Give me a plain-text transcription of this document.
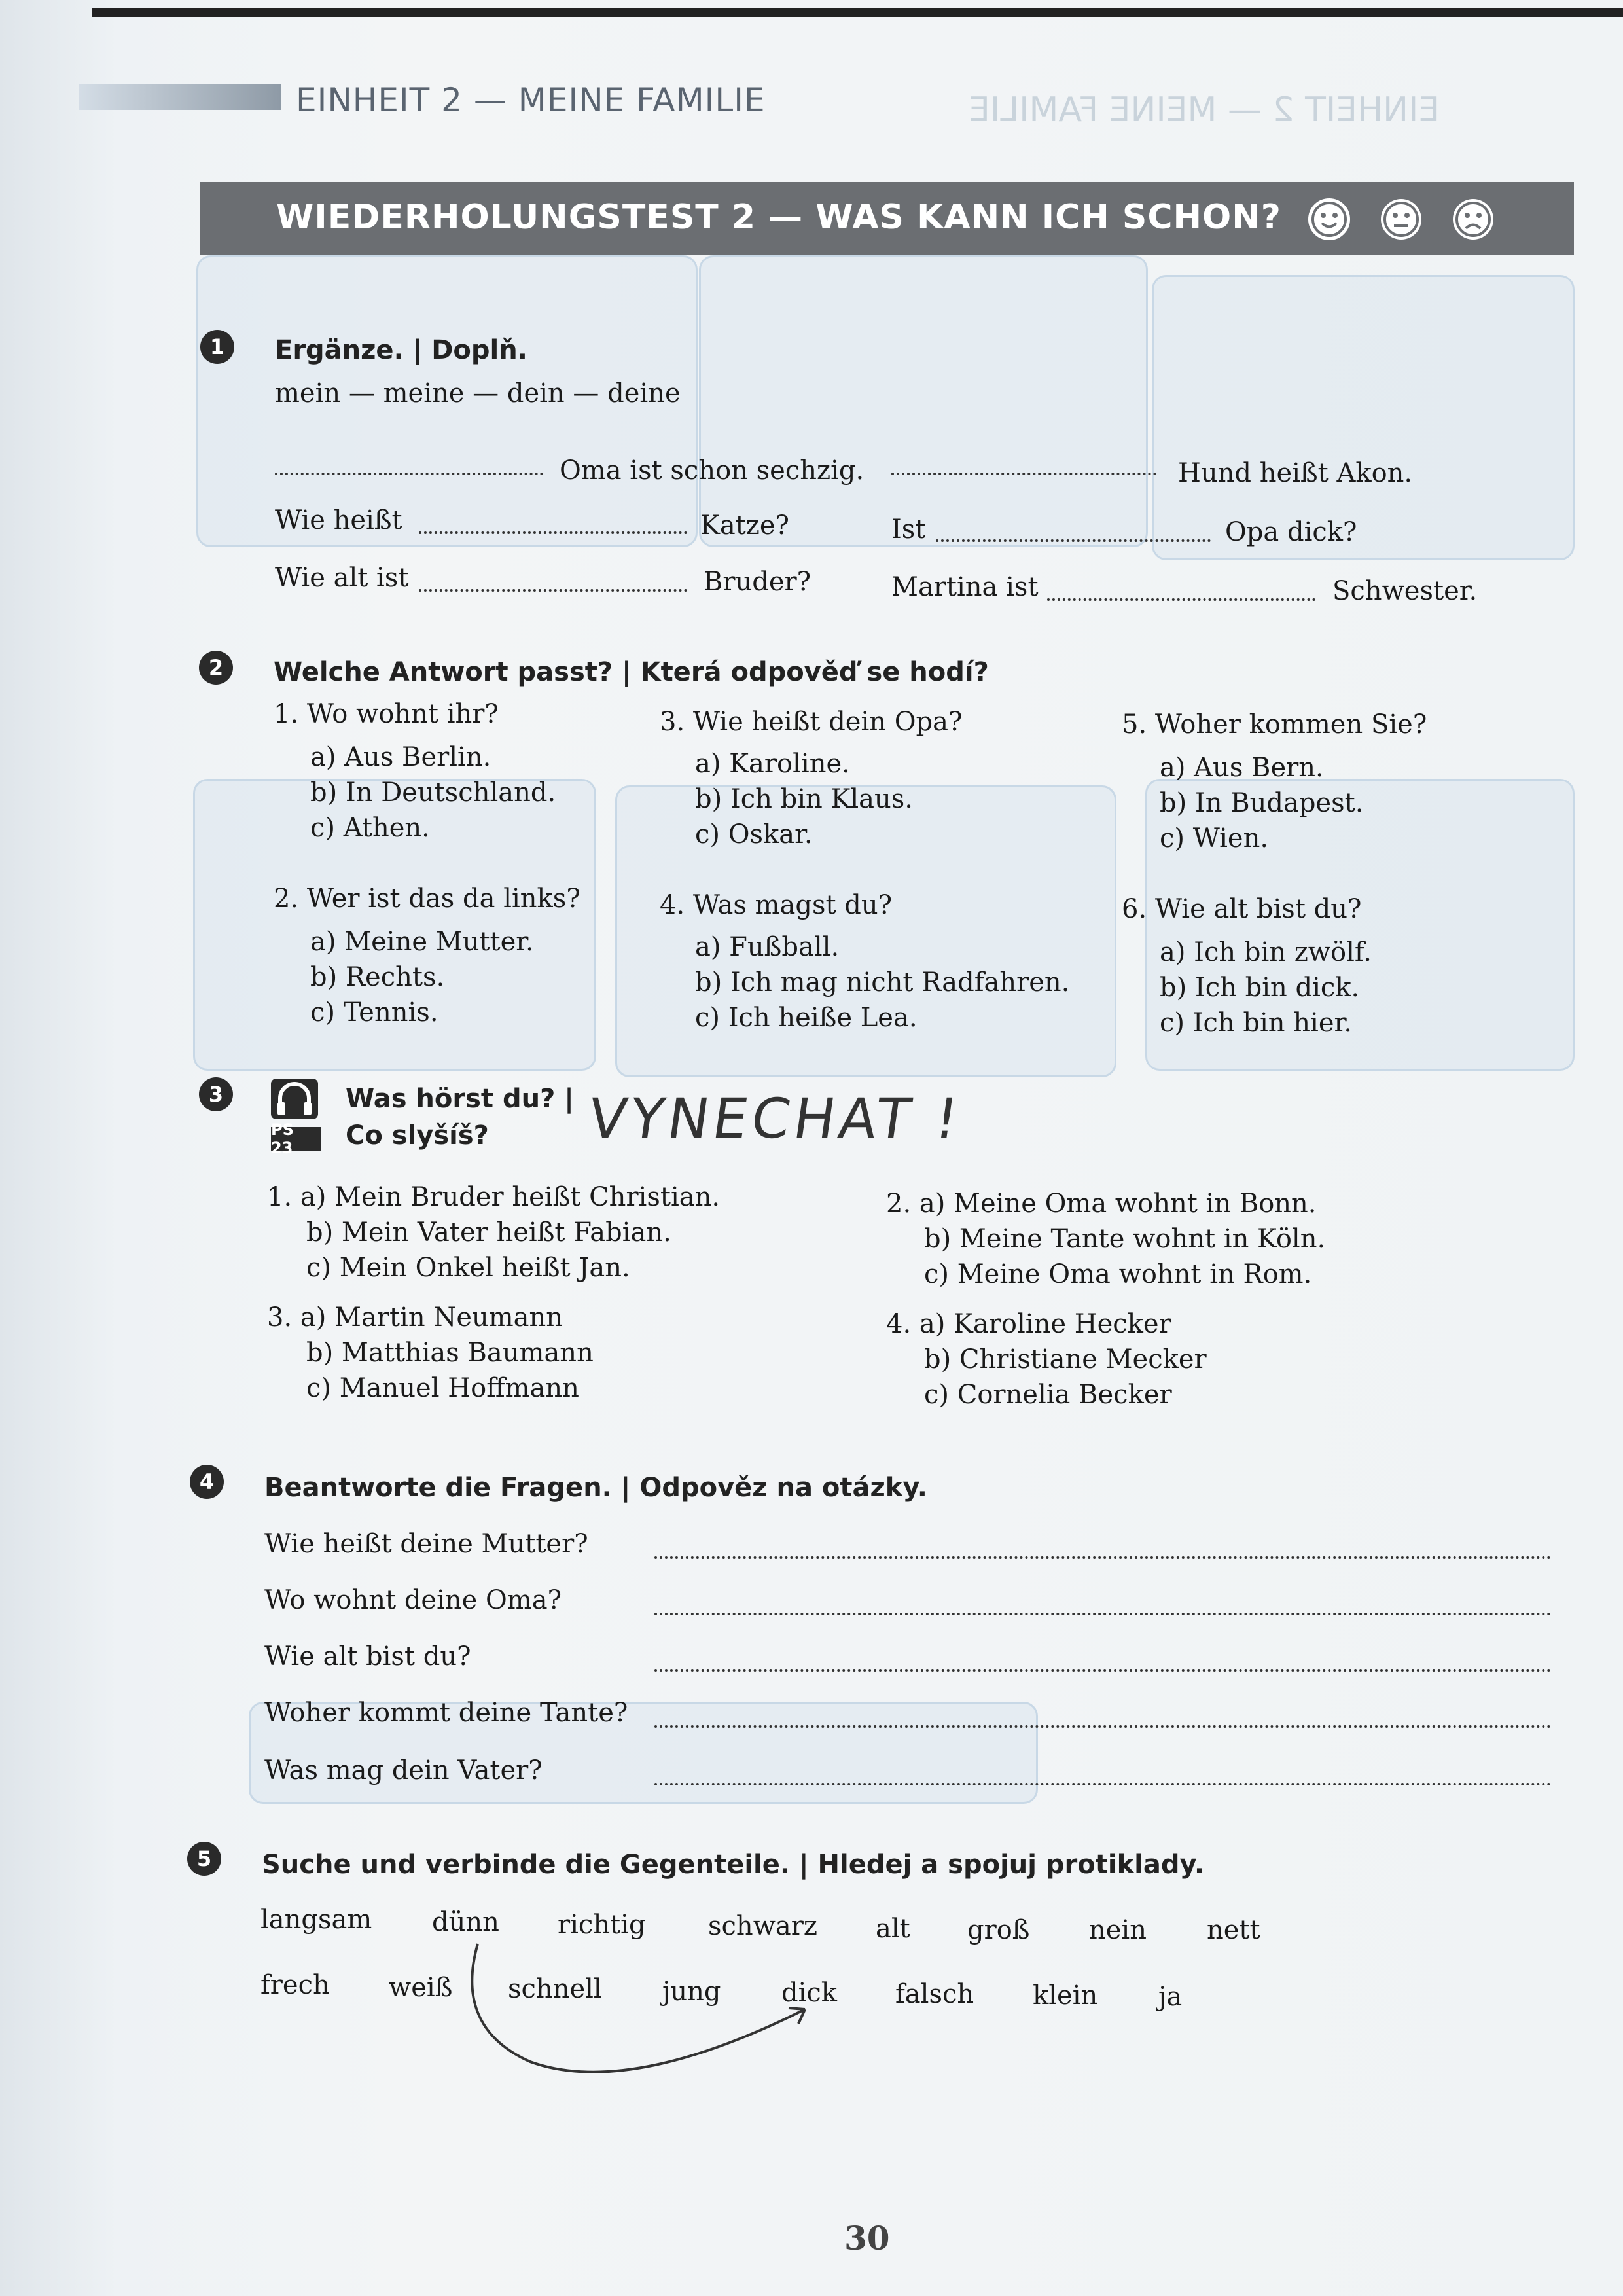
EINHEIT 2 — MEINE FAMILIE	EINHEIT 2 — MEINE FAMILIE
WIEDERHOLUNGSTEST 2 — WAS KANN ICH SCHON?
1	Ergänze. | Doplň.
mein — meine — dein — deine
Oma ist schon sechzig.	Hund heißt Akon.
Wie heißt	Katze?	Ist	Opa dick?
Wie alt ist	Bruder?	Martina ist	Schwester.
2	Welche Antwort passt? | Která odpověď se hodí?
1. Wo wohnt ihr?
a) Aus Berlin.
b) In Deutschland.
c) Athen.
2. Wer ist das da links?
a) Meine Mutter.
b) Rechts.
c) Tennis.
3. Wie heißt dein Opa?
a) Karoline.
b) Ich bin Klaus.
c) Oskar.
4. Was magst du?
a) Fußball.
b) Ich mag nicht Radfahren.
c) Ich heiße Lea.
5. Woher kommen Sie?
a) Aus Bern.
b) In Budapest.
c) Wien.
6. Wie alt bist du?
a) Ich bin zwölf.
b) Ich bin dick.
c) Ich bin hier.
3
PS 23
Was hörst du? |
Co slyšíš? VYNECHAT !
1. a) Mein Bruder heißt Christian.
b) Mein Vater heißt Fabian.
c) Mein Onkel heißt Jan.
2. a) Meine Oma wohnt in Bonn.
b) Meine Tante wohnt in Köln.
c) Meine Oma wohnt in Rom.
3. a) Martin Neumann
b) Matthias Baumann
c) Manuel Hoffmann
4. a) Karoline Hecker
b) Christiane Mecker
c) Cornelia Becker
4	Beantworte die Fragen. | Odpověz na otázky.
Wie heißt deine Mutter?
Wo wohnt deine Oma?
Wie alt bist du?
Woher kommt deine Tante?
Was mag dein Vater?
5	Suche und verbinde die Gegenteile. | Hledej a spojuj protiklady.
langsam dünn richtig schwarz alt groß nein nett
frech weiß schnell jung dick falsch klein ja
30
